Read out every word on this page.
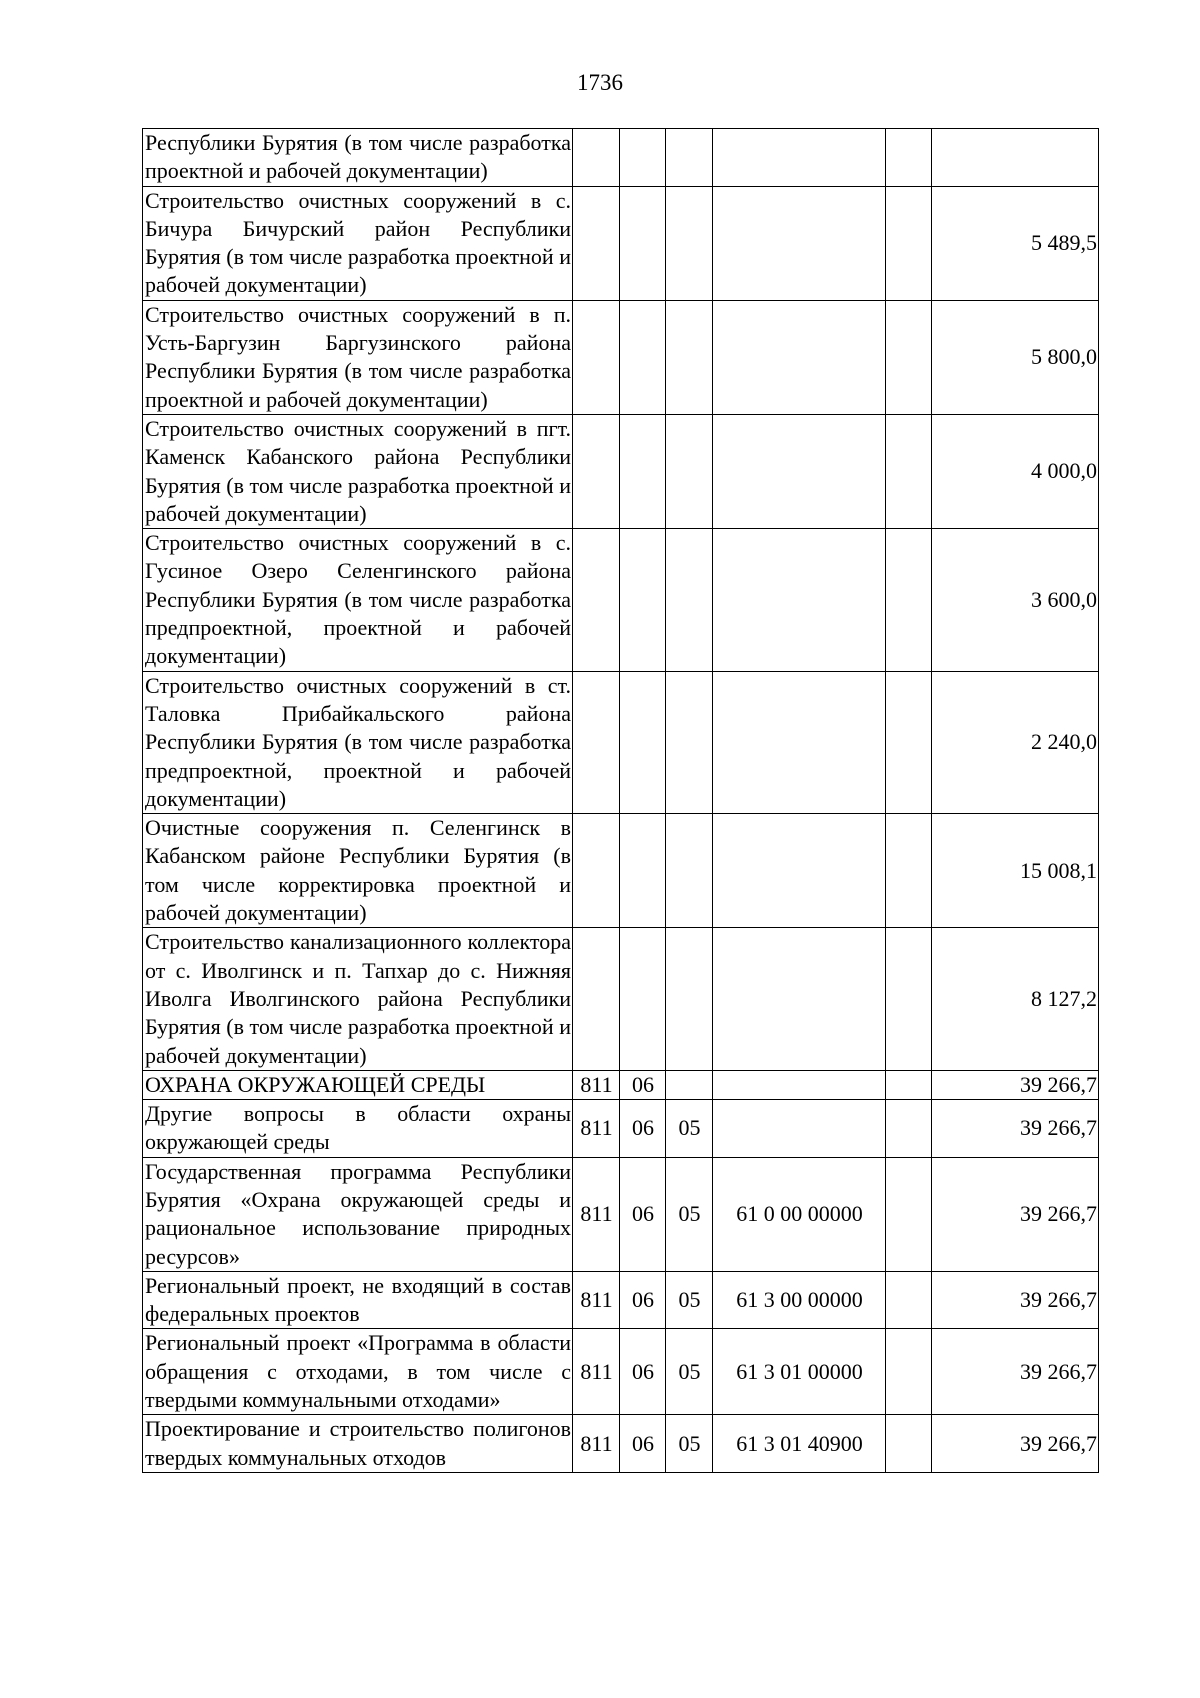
1736
Республики Бурятия (в том числе разработка проектной и рабочей документации)						
Строительство очистных сооружений в с. Бичура Бичурский район Республики Бурятия (в том числе разработка проектной и рабочей документации)						5 489,5
Строительство очистных сооружений в п. Усть-Баргузин Баргузинского района Республики Бурятия (в том числе разработка проектной и рабочей документации)						5 800,0
Строительство очистных сооружений в пгт. Каменск Кабанского района Республики Бурятия (в том числе разработка проектной и рабочей документации)						4 000,0
Строительство очистных сооружений в с. Гусиное Озеро Селенгинского района Республики Бурятия (в том числе разработка предпроектной, проектной и рабочей документации)						3 600,0
Строительство очистных сооружений в ст. Таловка Прибайкальского района Республики Бурятия (в том числе разработка предпроектной, проектной и рабочей документации)						2 240,0
Очистные сооружения п. Селенгинск в Кабанском районе Республики Бурятия (в том числе корректировка проектной и рабочей документации)						15 008,1
Строительство канализационного коллектора от с. Иволгинск и п. Тапхар до с. Нижняя Иволга Иволгинского района Республики Бурятия (в том числе разработка проектной и рабочей документации)						8 127,2
ОХРАНА ОКРУЖАЮЩЕЙ СРЕДЫ	811	06				39 266,7
Другие вопросы в области охраны окружающей среды	811	06	05			39 266,7
Государственная программа Республики Бурятия «Охрана окружающей среды и рациональное использование природных ресурсов»	811	06	05	61 0 00 00000		39 266,7
Региональный проект, не входящий в состав федеральных проектов	811	06	05	61 3 00 00000		39 266,7
Региональный проект «Программа в области обращения с отходами, в том числе с твердыми коммунальными отходами»	811	06	05	61 3 01 00000		39 266,7
Проектирование и строительство полигонов твердых коммунальных отходов	811	06	05	61 3 01 40900		39 266,7
